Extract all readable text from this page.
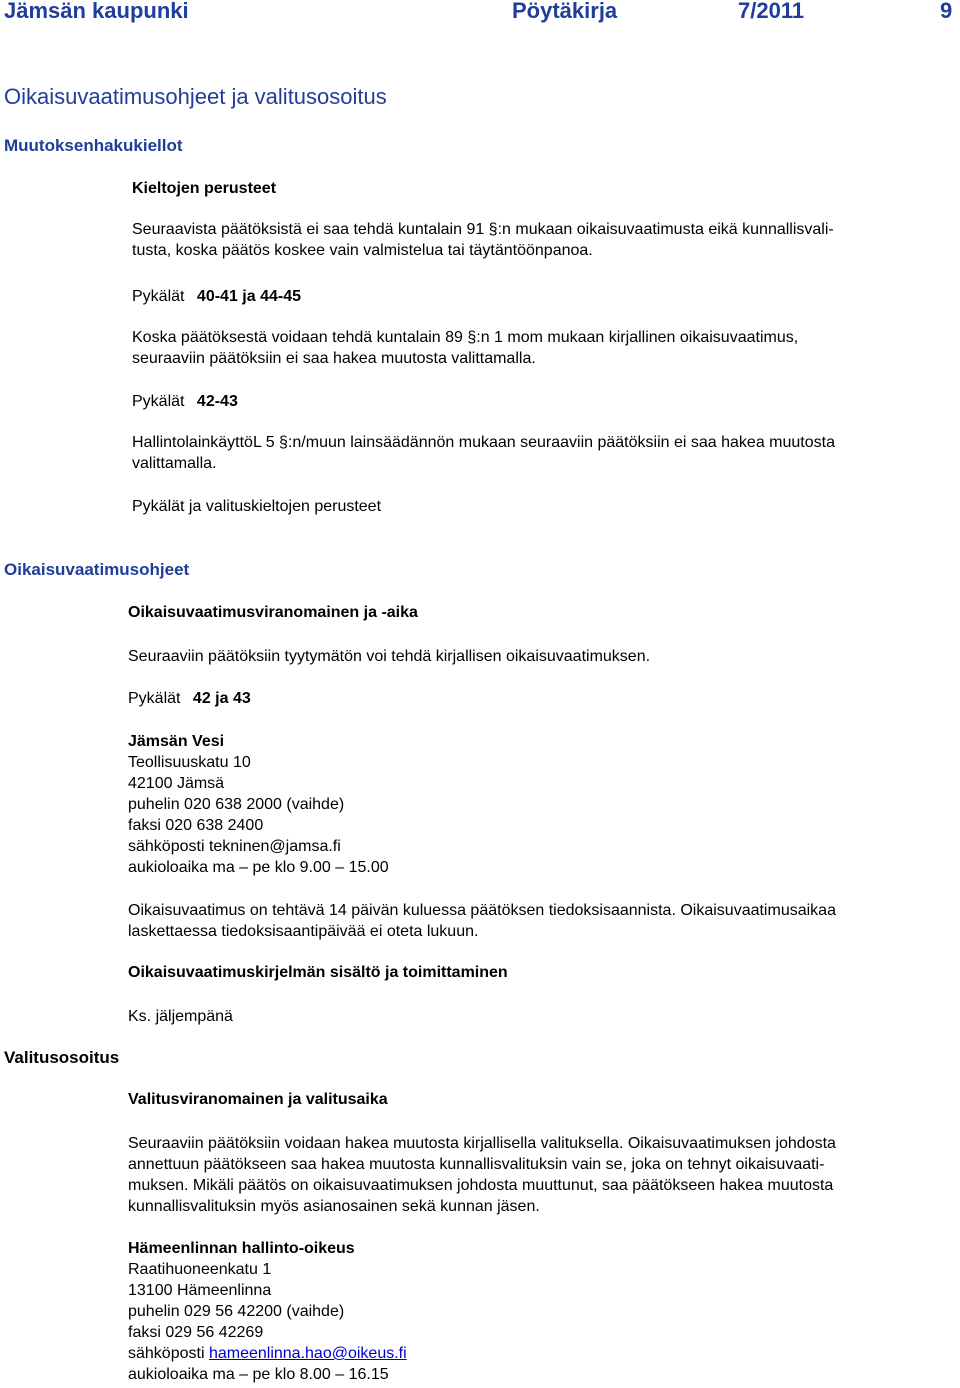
Jämsän kaupunki	Pöytäkirja	7/2011	9
Oikaisuvaatimusohjeet ja valitusosoitus
Muutoksenhakukiellot
Kieltojen perusteet
Seuraavista päätöksistä ei saa tehdä kuntalain 91 §:n mukaan oikaisuvaatimusta eikä kunnallisvali-
tusta, koska päätös koskee vain valmistelua tai täytäntöönpanoa.
Pykälät 40-41 ja 44-45
Koska päätöksestä voidaan tehdä kuntalain 89 §:n 1 mom mukaan kirjallinen oikaisuvaatimus,
seuraaviin päätöksiin ei saa hakea muutosta valittamalla.
Pykälät 42-43
HallintolainkäyttöL 5 §:n/muun lainsäädännön mukaan seuraaviin päätöksiin ei saa hakea muutosta
valittamalla.
Pykälät ja valituskieltojen perusteet
Oikaisuvaatimusohjeet
Oikaisuvaatimusviranomainen ja -aika
Seuraaviin päätöksiin tyytymätön voi tehdä kirjallisen oikaisuvaatimuksen.
Pykälät 42 ja 43
Jämsän Vesi
Teollisuuskatu 10
42100 Jämsä
puhelin 020 638 2000 (vaihde)
faksi 020 638 2400
sähköposti tekninen@jamsa.fi
aukioloaika ma – pe klo 9.00 – 15.00
Oikaisuvaatimus on tehtävä 14 päivän kuluessa päätöksen tiedoksisaannista. Oikaisuvaatimusaikaa
laskettaessa tiedoksisaantipäivää ei oteta lukuun.
Oikaisuvaatimuskirjelmän sisältö ja toimittaminen
Ks. jäljempänä
Valitusosoitus
Valitusviranomainen ja valitusaika
Seuraaviin päätöksiin voidaan hakea muutosta kirjallisella valituksella. Oikaisuvaatimuksen johdosta
annettuun päätökseen saa hakea muutosta kunnallisvalituksin vain se, joka on tehnyt oikaisuvaati-
muksen. Mikäli päätös on oikaisuvaatimuksen johdosta muuttunut, saa päätökseen hakea muutosta
kunnallisvalituksin myös asianosainen sekä kunnan jäsen.
Hämeenlinnan hallinto-oikeus
Raatihuoneenkatu 1
13100 Hämeenlinna
puhelin 029 56 42200 (vaihde)
faksi 029 56 42269
sähköposti hameenlinna.hao@oikeus.fi
aukioloaika ma – pe klo 8.00 – 16.15
